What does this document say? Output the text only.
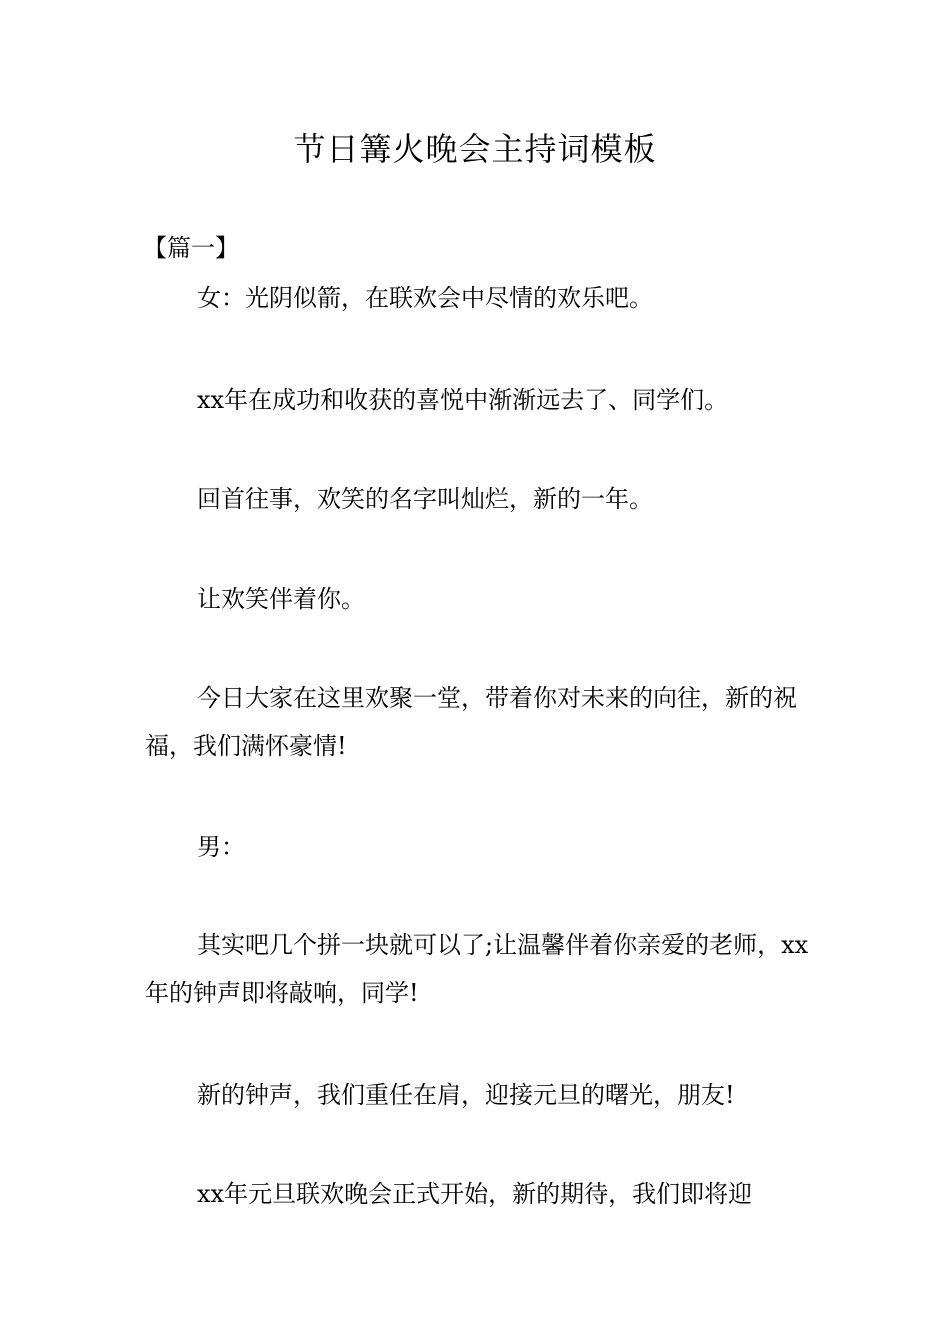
节日篝火晚会主持词模板
【篇一】

女：光阴似箭，在联欢会中尽情的欢乐吧。

xx年在成功和收获的喜悦中渐渐远去了、同学们。

回首往事，欢笑的名字叫灿烂，新的一年。

让欢笑伴着你。

今日大家在这里欢聚一堂，带着你对未来的向往，新的祝福，我们满怀豪情!

男：

其实吧几个拼一块就可以了;让温馨伴着你亲爱的老师，xx年的钟声即将敲响，同学!

新的钟声，我们重任在肩，迎接元旦的曙光，朋友!

xx年元旦联欢晚会正式开始，新的期待，我们即将迎
